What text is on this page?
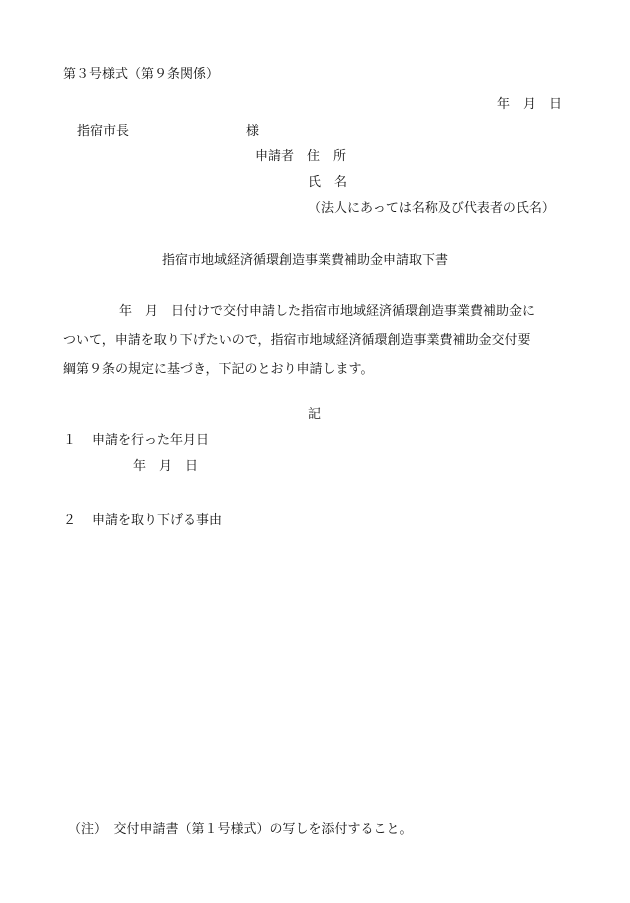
第３号様式（第９条関係）
年　月　日
指宿市長　　　　　　　　　様
申請者　住　所
氏　名
（法人にあっては名称及び代表者の氏名）
指宿市地域経済循環創造事業費補助金申請取下書
年　月　日付けで交付申請した指宿市地域経済循環創造事業費補助金に
ついて，申請を取り下げたいので，指宿市地域経済循環創造事業費補助金交付要
綱第９条の規定に基づき，下記のとおり申請します。
記
１ 申請を行った年月日
年　月　日
２ 申請を取り下げる事由
（注）　交付申請書（第１号様式）の写しを添付すること。
